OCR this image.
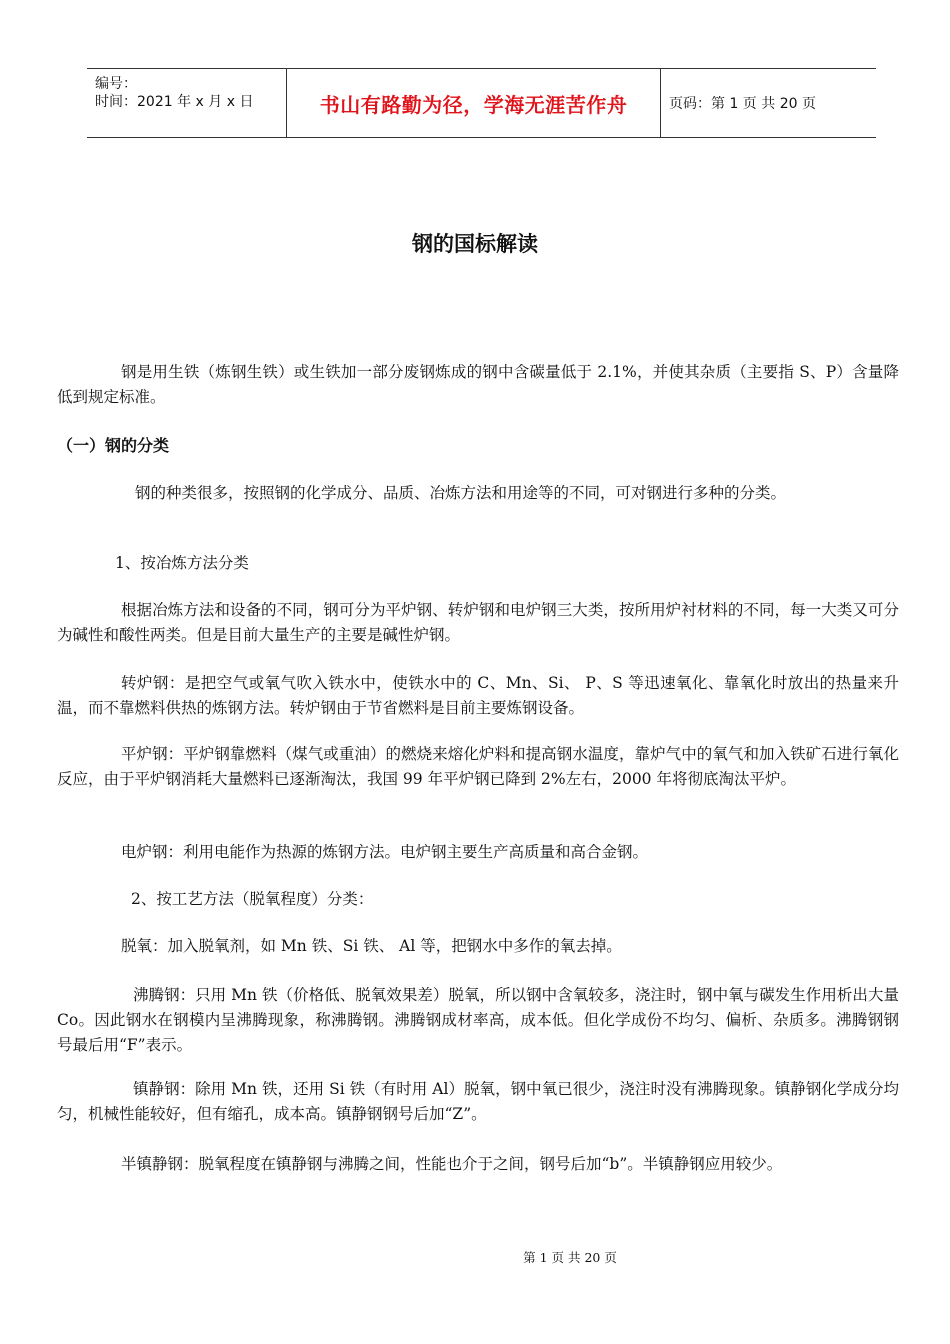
编号：
时间：2021 年 x 月 x 日	书山有路勤为径，学海无涯苦作舟	页码：第 1 页 共 20 页
钢的国标解读
钢是用生铁（炼钢生铁）或生铁加一部分废钢炼成的钢中含碳量低于 2.1%，并使其杂质（主要指 S、P）含量降低到规定标准。
（一）钢的分类
钢的种类很多，按照钢的化学成分、品质、冶炼方法和用途等的不同，可对钢进行多种的分类。
1、按冶炼方法分类
根据冶炼方法和设备的不同，钢可分为平炉钢、转炉钢和电炉钢三大类，按所用炉衬材料的不同，每一大类又可分为碱性和酸性两类。但是目前大量生产的主要是碱性炉钢。
转炉钢：是把空气或氧气吹入铁水中，使铁水中的 C、Mn、Si、 P、S 等迅速氧化、靠氧化时放出的热量来升温，而不靠燃料供热的炼钢方法。转炉钢由于节省燃料是目前主要炼钢设备。
平炉钢：平炉钢靠燃料（煤气或重油）的燃烧来熔化炉料和提高钢水温度，靠炉气中的氧气和加入铁矿石进行氧化反应，由于平炉钢消耗大量燃料已逐渐淘汰，我国 99 年平炉钢已降到 2%左右，2000 年将彻底淘汰平炉。
电炉钢：利用电能作为热源的炼钢方法。电炉钢主要生产高质量和高合金钢。
2、按工艺方法（脱氧程度）分类：
脱氧：加入脱氧剂，如 Mn 铁、Si 铁、 Al 等，把钢水中多作的氧去掉。
沸腾钢：只用 Mn 铁（价格低、脱氧效果差）脱氧，所以钢中含氧较多，浇注时，钢中氧与碳发生作用析出大量 Co。因此钢水在钢模内呈沸腾现象，称沸腾钢。沸腾钢成材率高，成本低。但化学成份不均匀、偏析、杂质多。沸腾钢钢号最后用“F”表示。
镇静钢：除用 Mn 铁，还用 Si 铁（有时用 Al）脱氧，钢中氧已很少，浇注时没有沸腾现象。镇静钢化学成分均匀，机械性能较好，但有缩孔，成本高。镇静钢钢号后加“Z”。
半镇静钢：脱氧程度在镇静钢与沸腾之间，性能也介于之间，钢号后加“b”。半镇静钢应用较少。
第 1 页 共 20 页
